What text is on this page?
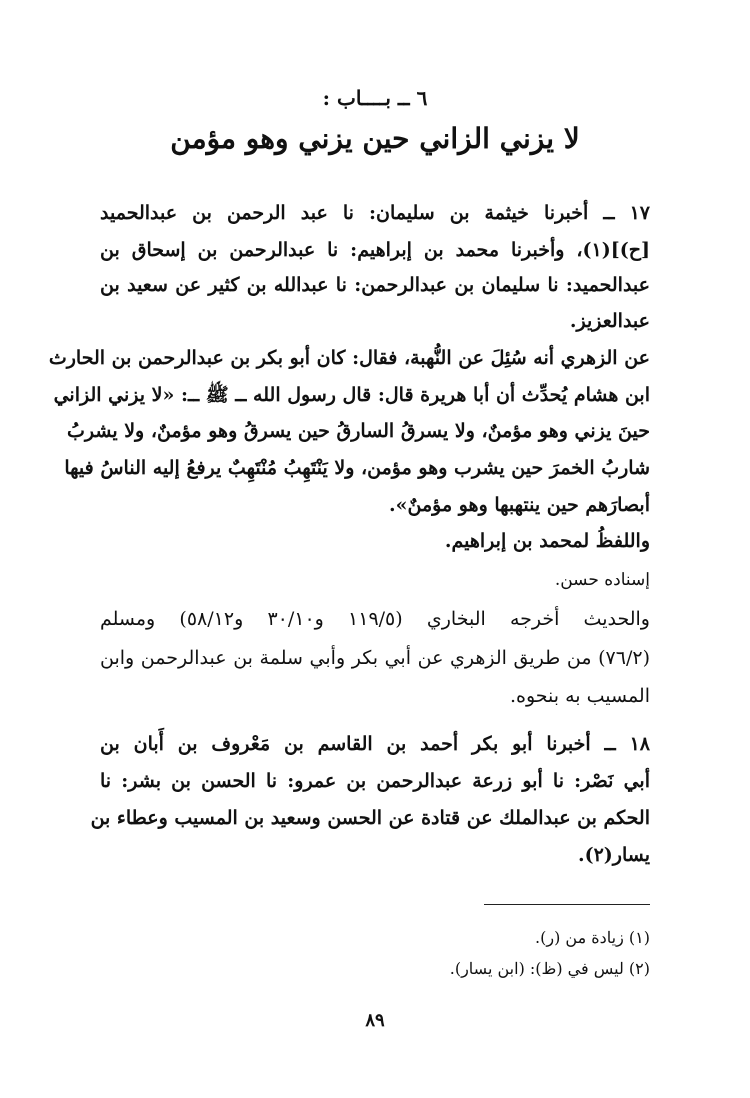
٦ ــ بــــاب :
لا يزني الزاني حين يزني وهو مؤمن
١٧ ــ أخبرنا خيثمة بن سليمان: نا عبد الرحمن بن عبدالحميد
[ح)](١)، وأخبرنا محمد بن إبراهيم: نا عبدالرحمن بن إسحاق بن
عبدالحميد: نا سليمان بن عبدالرحمن: نا عبدالله بن كثير عن سعيد بن
عبدالعزيز.
عن الزهري أنه سُئِلَ عن النُّهبة، فقال: كان أبو بكر بن عبدالرحمن بن الحارث
ابن هشام يُحدِّث أن أبا هريرة قال: قال رسول الله ــ ﷺ ــ: «لا يزني الزاني
حينَ يزني وهو مؤمنٌ، ولا يسرقُ السارقُ حين يسرقُ وهو مؤمنٌ، ولا يشربُ
شاربُ الخمرَ حين يشرب وهو مؤمن، ولا يَنْتَهِبُ مُنْتَهِبٌ يرفعُ إليه الناسُ فيها
أبصارَهم حين ينتهبها وهو مؤمنٌ».
واللفظُ لمحمد بن إبراهيم.
إسناده حسن.
والحديث أخرجه البخاري (١١٩/٥ و٣٠/١٠ و٥٨/١٢) ومسلم
(٧٦/٢) من طريق الزهري عن أبي بكر وأبي سلمة بن عبدالرحمن وابن
المسيب به بنحوه.
١٨ ــ أخبرنا أبو بكر أحمد بن القاسم بن مَعْروف بن أَبان بن
أبي نَصْر: نا أبو زرعة عبدالرحمن بن عمرو: نا الحسن بن بشر: نا
الحكم بن عبدالملك عن قتادة عن الحسن وسعيد بن المسيب وعطاء بن
يسار(٢).
(١) زيادة من (ر).
(٢) ليس في (ظ): (ابن يسار).
٨٩
